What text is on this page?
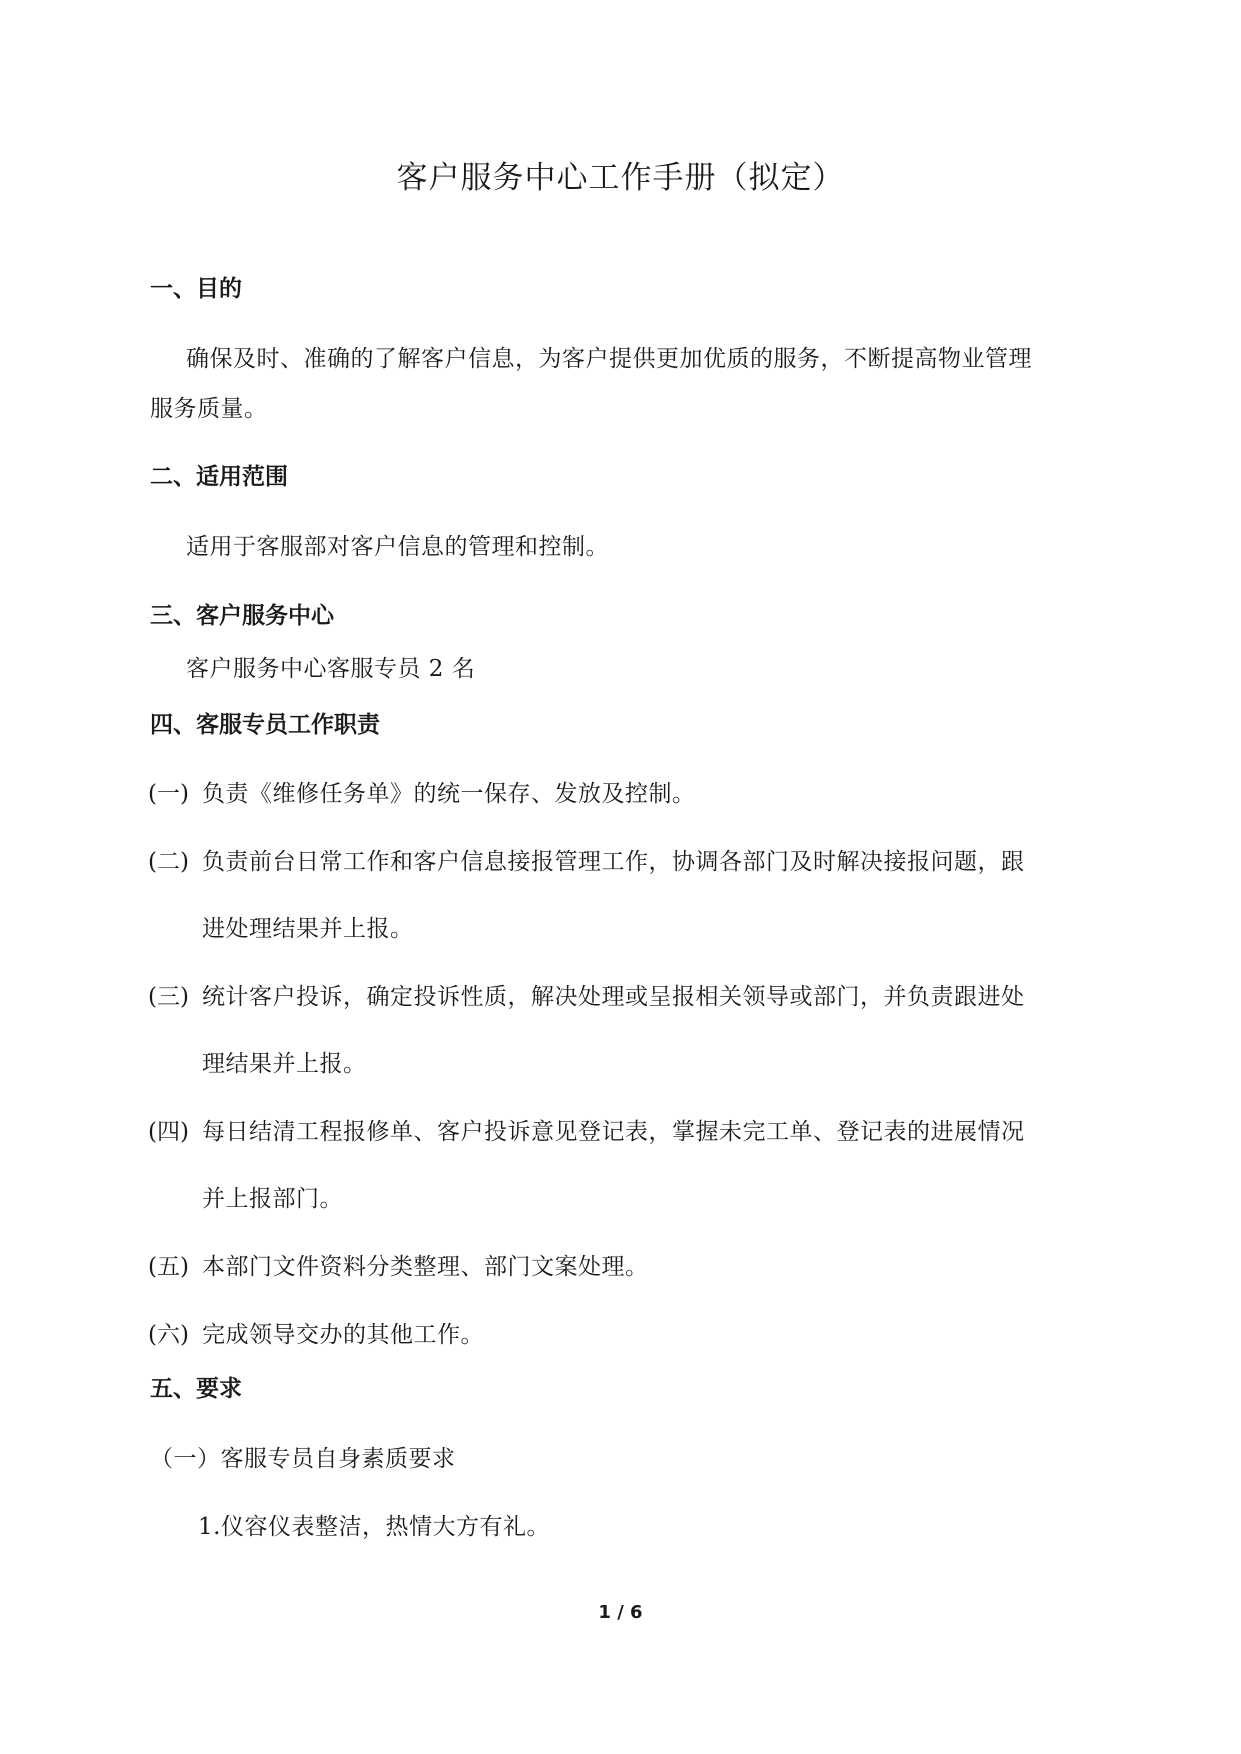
客户服务中心工作手册（拟定）
一、目的
确保及时、准确的了解客户信息，为客户提供更加优质的服务，不断提高物业管理
服务质量。
二、适用范围
适用于客服部对客户信息的管理和控制。
三、客户服务中心
客户服务中心客服专员 2 名
四、客服专员工作职责
(一) 负责《维修任务单》的统一保存、发放及控制。
(二) 负责前台日常工作和客户信息接报管理工作，协调各部门及时解决接报问题，跟
进处理结果并上报。
(三) 统计客户投诉，确定投诉性质，解决处理或呈报相关领导或部门，并负责跟进处
理结果并上报。
(四) 每日结清工程报修单、客户投诉意见登记表，掌握未完工单、登记表的进展情况
并上报部门。
(五) 本部门文件资料分类整理、部门文案处理。
(六) 完成领导交办的其他工作。
五、要求
（一）客服专员自身素质要求
1.仪容仪表整洁，热情大方有礼。
1 / 6
